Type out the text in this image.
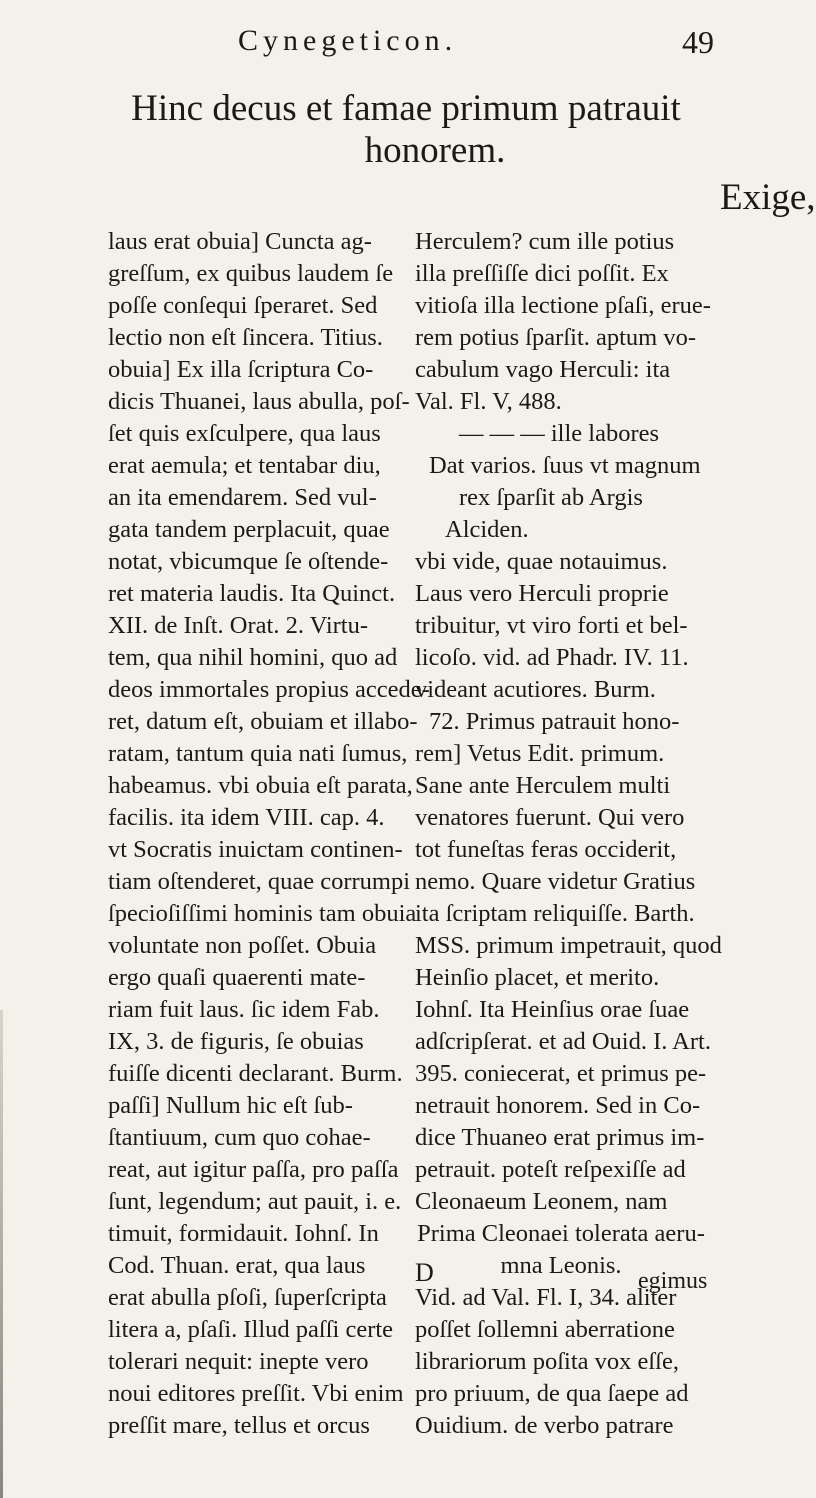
Cynegeticon.	49
Hinc decus et famae primum patrauit
honorem.
Exige,
laus erat obuia] Cuncta ag-
greſſum, ex quibus laudem ſe
poſſe conſequi ſperaret. Sed
lectio non eſt ſincera. Titius.
obuia] Ex illa ſcriptura Co-
dicis Thuanei, laus abulla, poſ-
ſet quis exſculpere, qua laus
erat aemula; et tentabar diu,
an ita emendarem. Sed vul-
gata tandem perplacuit, quae
notat, vbicumque ſe oſtende-
ret materia laudis. Ita Quinct.
XII. de Inſt. Orat. 2. Virtu-
tem, qua nihil homini, quo ad
deos immortales propius accede-
ret, datum eſt, obuiam et illabo-
ratam, tantum quia nati ſumus,
habeamus. vbi obuia eſt parata,
facilis. ita idem VIII. cap. 4.
vt Socratis inuictam continen-
tiam oſtenderet, quae corrumpi
ſpecioſiſſimi hominis tam obuia
voluntate non poſſet. Obuia
ergo quaſi quaerenti mate-
riam fuit laus. ſic idem Fab.
IX, 3. de figuris, ſe obuias
fuiſſe dicenti declarant. Burm.
paſſi] Nullum hic eſt ſub-
ſtantiuum, cum quo cohae-
reat, aut igitur paſſa, pro paſſa
ſunt, legendum; aut pauit, i. e.
timuit, formidauit. Iohnſ. In
Cod. Thuan. erat, qua laus
erat abulla pſoſi, ſuperſcripta
litera a, pſaſi. Illud paſſi certe
tolerari nequit: inepte vero
noui editores preſſit. Vbi enim
preſſit mare, tellus et orcus
Herculem? cum ille potius
illa preſſiſſe dici poſſit. Ex
vitioſa illa lectione pſaſi, erue-
rem potius ſparſit. aptum vo-
cabulum vago Herculi: ita
Val. Fl. V, 488.
— — — ille labores
Dat varios. ſuus vt magnum
rex ſparſit ab Argis
Alciden.
vbi vide, quae notauimus.
Laus vero Herculi proprie
tribuitur, vt viro forti et bel-
licoſo. vid. ad Phadr. IV. 11.
videant acutiores. Burm.
72. Primus patrauit hono-
rem] Vetus Edit. primum.
Sane ante Herculem multi
venatores fuerunt. Qui vero
tot funeſtas feras occiderit,
nemo. Quare videtur Gratius
ita ſcriptam reliquiſſe. Barth.
MSS. primum impetrauit, quod
Heinſio placet, et merito.
Iohnſ. Ita Heinſius orae ſuae
adſcripſerat. et ad Ouid. I. Art.
395. coniecerat, et primus pe-
netrauit honorem. Sed in Co-
dice Thuaneo erat primus im-
petrauit. poteſt reſpexiſſe ad
Cleonaeum Leonem, nam
Prima Cleonaei tolerata aeru-
mna Leonis.
Vid. ad Val. Fl. I, 34. aliter
poſſet ſollemni aberratione
librariorum poſita vox eſſe,
pro priuum, de qua ſaepe ad
Ouidium. de verbo patrare
D	egimus
